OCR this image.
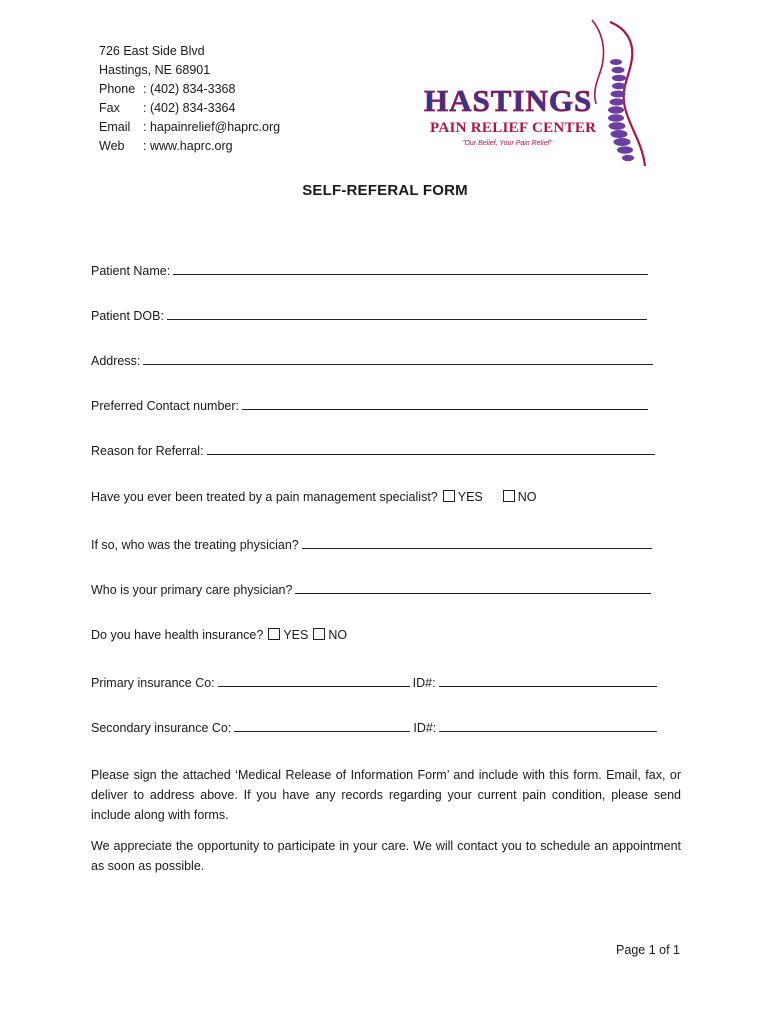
726 East Side Blvd
Hastings, NE 68901
Phone : (402) 834-3368
Fax	: (402) 834-3364
Email	: hapainrelief@haprc.org
Web	: www.haprc.org
HASTINGS
PAIN RELIEF CENTER
"Our Belief, Your Pain Relief"
SELF-REFERAL FORM
Patient Name:
Patient DOB:
Address:
Preferred Contact number:
Reason for Referral:
Have you ever been treated by a pain management specialist? YES	NO
If so, who was the treating physician?
Who is your primary care physician?
Do you have health insurance? YES NO
Primary insurance Co:	ID#:
Secondary insurance Co:	ID#:
Please sign the attached ‘Medical Release of Information Form’ and include with this form. Email, fax, or deliver to address above. If you have any records regarding your current pain condition, please send include along with forms.
We appreciate the opportunity to participate in your care. We will contact you to schedule an appointment as soon as possible.
Page 1 of 1
